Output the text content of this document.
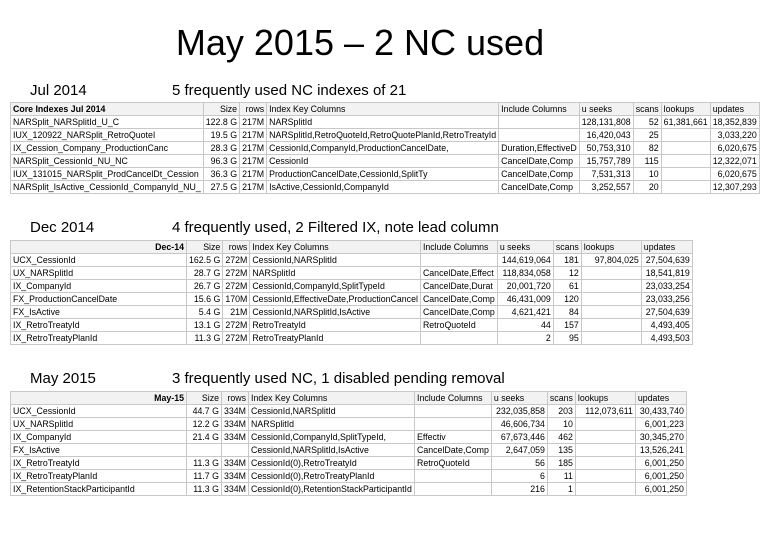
May 2015 – 2 NC used
Jul 2014	5 frequently used NC indexes of 21
Core Indexes Jul 2014	Size	rows	Index Key Columns	Include Columns	u seeks	scans	lookups	updates
NARSplit_NARSplitId_U_C	122.8 G	217M	NARSplitId		128,131,808	52	61,381,661	18,352,839
IUX_120922_NARSplit_RetroQuoteI	19.5 G	217M	NARSplitId,RetroQuoteId,RetroQuotePlanId,RetroTreatyId		16,420,043	25		3,033,220
IX_Cession_Company_ProductionCanc	28.3 G	217M	CessionId,CompanyId,ProductionCancelDate,	Duration,EffectiveD	50,753,310	82		6,020,675
NARSplit_CessionId_NU_NC	96.3 G	217M	CessionId	CancelDate,Comp	15,757,789	115		12,322,071
IUX_131015_NARSplit_ProdCancelDt_Cession	36.3 G	217M	ProductionCancelDate,CessionId,SplitTy	CancelDate,Comp	7,531,313	10		6,020,675
NARSplit_IsActive_CessionId_CompanyId_NU_	27.5 G	217M	IsActive,CessionId,CompanyId	CancelDate,Comp	3,252,557	20		12,307,293
Dec 2014	4 frequently used, 2 Filtered IX, note lead column
Dec-14	Size	rows	Index Key Columns	Include Columns	u seeks	scans	lookups	updates
UCX_CessionId	162.5 G	272M	CessionId,NARSplitId		144,619,064	181	97,804,025	27,504,639
UX_NARSplitId	28.7 G	272M	NARSplitId	CancelDate,Effect	118,834,058	12		18,541,819
IX_CompanyId	26.7 G	272M	CessionId,CompanyId,SplitTypeId	CancelDate,Durat	20,001,720	61		23,033,254
FX_ProductionCancelDate	15.6 G	170M	CessionId,EffectiveDate,ProductionCancel	CancelDate,Comp	46,431,009	120		23,033,256
FX_IsActive	5.4 G	21M	CessionId,NARSplitId,IsActive	CancelDate,Comp	4,621,421	84		27,504,639
IX_RetroTreatyId	13.1 G	272M	RetroTreatyId	RetroQuoteId	44	157		4,493,405
IX_RetroTreatyPlanId	11.3 G	272M	RetroTreatyPlanId		2	95		4,493,503
May 2015	3 frequently used NC, 1 disabled pending removal
May-15	Size	rows	Index Key Columns	Include Columns	u seeks	scans	lookups	updates
UCX_CessionId	44.7 G	334M	CessionId,NARSplitId		232,035,858	203	112,073,611	30,433,740
UX_NARSplitId	12.2 G	334M	NARSplitId		46,606,734	10		6,001,223
IX_CompanyId	21.4 G	334M	CessionId,CompanyId,SplitTypeId,	Effectiv	67,673,446	462		30,345,270
FX_IsActive			CessionId,NARSplitId,IsActive	CancelDate,Comp	2,647,059	135		13,526,241
IX_RetroTreatyId	11.3 G	334M	CessionId(0),RetroTreatyId	RetroQuoteId	56	185		6,001,250
IX_RetroTreatyPlanId	11.7 G	334M	CessionId(0),RetroTreatyPlanId		6	11		6,001,250
IX_RetentionStackParticipantId	11.3 G	334M	CessionId(0),RetentionStackParticipantId		216	1		6,001,250
